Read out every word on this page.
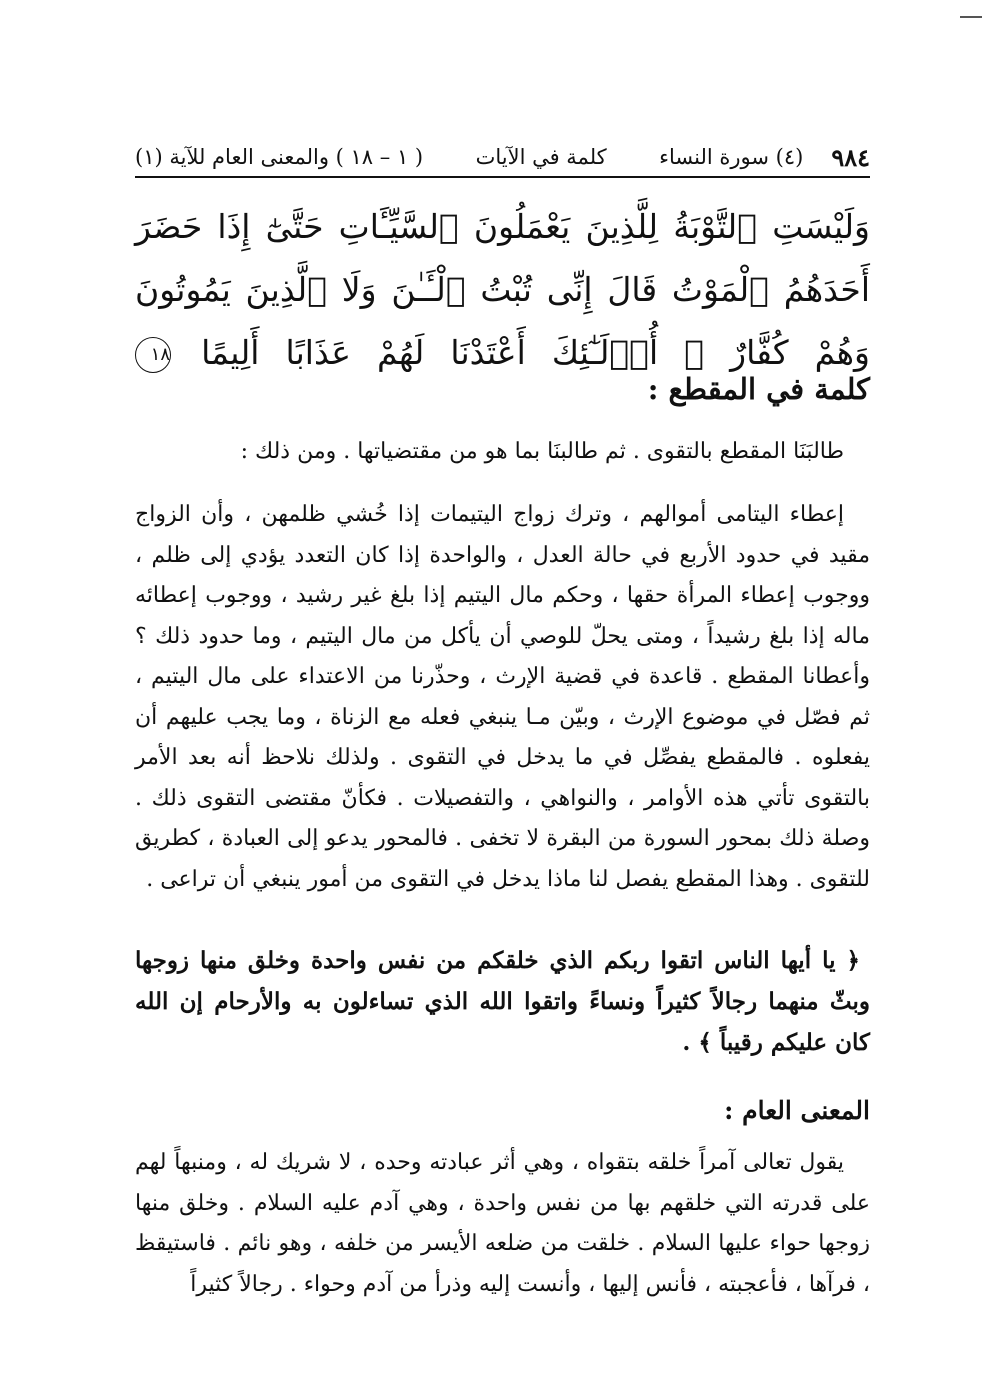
٩٨٤
(٤) سورة النساء
كلمة في الآيات
( ١ – ١٨ ) والمعنى العام للآية (١)
وَلَيْسَتِ ٱلتَّوْبَةُ لِلَّذِينَ يَعْمَلُونَ ٱلسَّيِّـَٔاتِ حَتَّىٰٓ إِذَا حَضَرَ أَحَدَهُمُ ٱلْمَوْتُ قَالَ إِنِّى تُبْتُ ٱلْـَٔـٰنَ وَلَا ٱلَّذِينَ يَمُوتُونَ وَهُمْ كُفَّارٌ ۚ أُو۟لَـٰٓئِكَ أَعْتَدْنَا لَهُمْ عَذَابًا أَلِيمًا ١٨
كلمة في المقطع :

طالبَنَا المقطع بالتقوى . ثم طالبنَا بما هو من مقتضياتها . ومن ذلك :

إعطاء اليتامى أموالهم ، وترك زواج اليتيمات إذا خُشي ظلمهن ، وأن الزواج مقيد في حدود الأربع في حالة العدل ، والواحدة إذا كان التعدد يؤدي إلى ظلم ، ووجوب إعطاء المرأة حقها ، وحكم مال اليتيم إذا بلغ غير رشيد ، ووجوب إعطائه ماله إذا بلغ رشيداً ، ومتى يحلّ للوصي أن يأكل من مال اليتيم ، وما حدود ذلك ؟ وأعطانا المقطع . قاعدة في قضية الإرث ، وحذّرنا من الاعتداء على مال اليتيم ، ثم فصّل في موضوع الإرث ، وبيّن مـا ينبغي فعله مع الزناة ، وما يجب عليهم أن يفعلوه . فالمقطع يفصِّل في ما يدخل في التقوى . ولذلك نلاحظ أنه بعد الأمر بالتقوى تأتي هذه الأوامر ، والنواهي ، والتفصيلات . فكأنّ مقتضى التقوى ذلك . وصلة ذلك بمحور السورة من البقرة لا تخفى . فالمحور يدعو إلى العبادة ، كطريق للتقوى . وهذا المقطع يفصل لنا ماذا يدخل في التقوى من أمور ينبغي أن تراعى .

﴿ يا أيها الناس اتقوا ربكم الذي خلقكم من نفس واحدة وخلق منها زوجها وبثّ منهما رجالاً كثيراً ونساءً واتقوا الله الذي تساءلون به والأرحام إن الله كان عليكم رقيباً ﴾ .

المعنى العام :

يقول تعالى آمراً خلقه بتقواه ، وهي أثر عبادته وحده ، لا شريك له ، ومنبهاً لهم على قدرته التي خلقهم بها من نفس واحدة ، وهي آدم عليه السلام . وخلق منها زوجها حواء عليها السلام . خلقت من ضلعه الأيسر من خلفه ، وهو نائم . فاستيقظ ، فرآها ، فأعجبته ، فأنس إليها ، وأنست إليه وذرأ من آدم وحواء . رجالاً كثيراً
